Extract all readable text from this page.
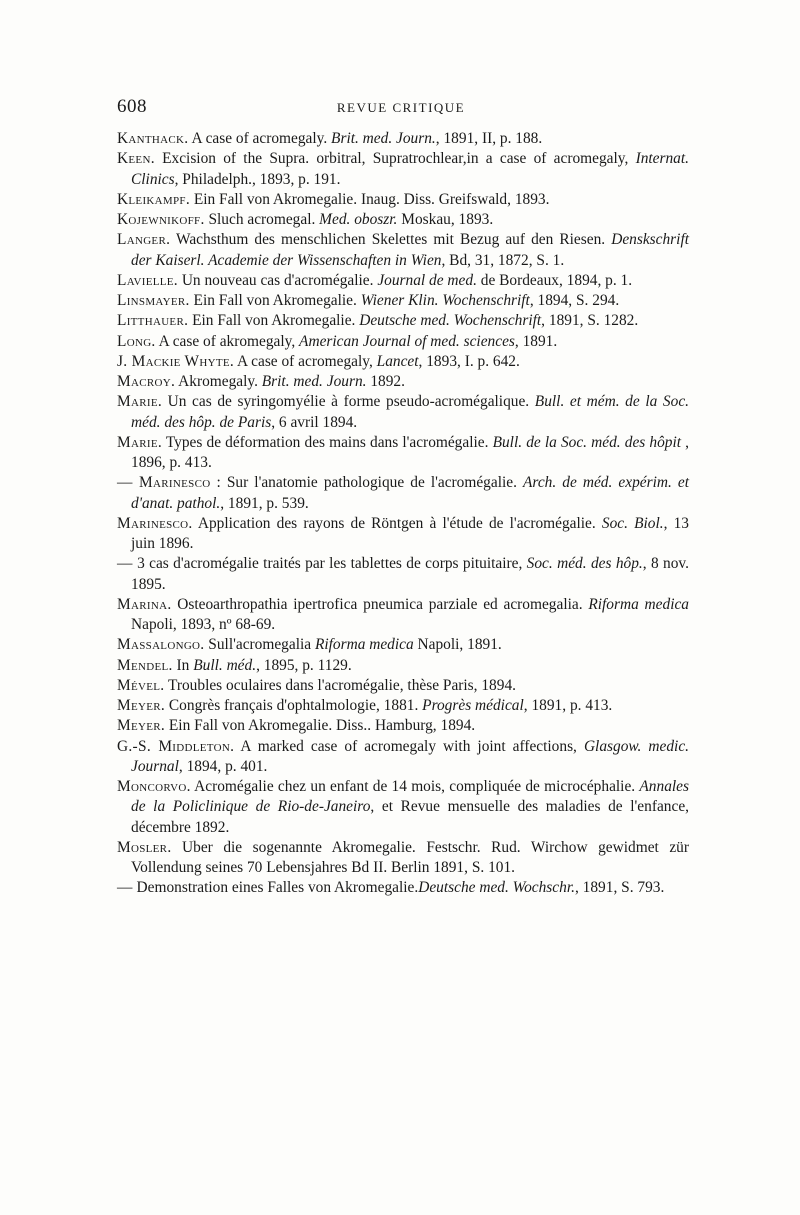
608	REVUE CRITIQUE
Kanthack. A case of acromegaly. Brit. med. Journ., 1891, II, p. 188.
Keen. Excision of the Supra. orbitral, Supratrochlear,in a case of acromegaly, Internat. Clinics, Philadelph., 1893, p. 191.
Kleikampf. Ein Fall von Akromegalie. Inaug. Diss. Greifswald, 1893.
Kojewnikoff. Sluch acromegal. Med. oboszr. Moskau, 1893.
Langer. Wachsthum des menschlichen Skelettes mit Bezug auf den Riesen. Denskschrift der Kaiserl. Academie der Wissenschaften in Wien, Bd, 31, 1872, S. 1.
Lavielle. Un nouveau cas d'acromégalie. Journal de med. de Bordeaux, 1894, p. 1.
Linsmayer. Ein Fall von Akromegalie. Wiener Klin. Wochenschrift, 1894, S. 294.
Litthauer. Ein Fall von Akromegalie. Deutsche med. Wochenschrift, 1891, S. 1282.
Long. A case of akromegaly, American Journal of med. sciences, 1891.
J. Mackie Whyte. A case of acromegaly, Lancet, 1893, I. p. 642.
Macroy. Akromegaly. Brit. med. Journ. 1892.
Marie. Un cas de syringomyélie à forme pseudo-acromégalique. Bull. et mém. de la Soc. méd. des hôp. de Paris, 6 avril 1894.
Marie. Types de déformation des mains dans l'acromégalie. Bull. de la Soc. méd. des hôpit , 1896, p. 413.
— Marinesco : Sur l'anatomie pathologique de l'acromégalie. Arch. de méd. expérim. et d'anat. pathol., 1891, p. 539.
Marinesco. Application des rayons de Röntgen à l'étude de l'acromégalie. Soc. Biol., 13 juin 1896.
— 3 cas d'acromégalie traités par les tablettes de corps pituitaire, Soc. méd. des hôp., 8 nov. 1895.
Marina. Osteoarthropathia ipertrofica pneumica parziale ed acromegalia. Riforma medica Napoli, 1893, nº 68-69.
Massalongo. Sull'acromegalia Riforma medica Napoli, 1891.
Mendel. In Bull. méd., 1895, p. 1129.
Mével. Troubles oculaires dans l'acromégalie, thèse Paris, 1894.
Meyer. Congrès français d'ophtalmologie, 1881. Progrès médical, 1891, p. 413.
Meyer. Ein Fall von Akromegalie. Diss.. Hamburg, 1894.
G.-S. Middleton. A marked case of acromegaly with joint affections, Glasgow. medic. Journal, 1894, p. 401.
Moncorvo. Acromégalie chez un enfant de 14 mois, compliquée de microcéphalie. Annales de la Policlinique de Rio-de-Janeiro, et Revue mensuelle des maladies de l'enfance, décembre 1892.
Mosler. Uber die sogenannte Akromegalie. Festschr. Rud. Wirchow gewidmet zür Vollendung seines 70 Lebensjahres Bd II. Berlin 1891, S. 101.
— Demonstration eines Falles von Akromegalie.Deutsche med. Wochschr., 1891, S. 793.
